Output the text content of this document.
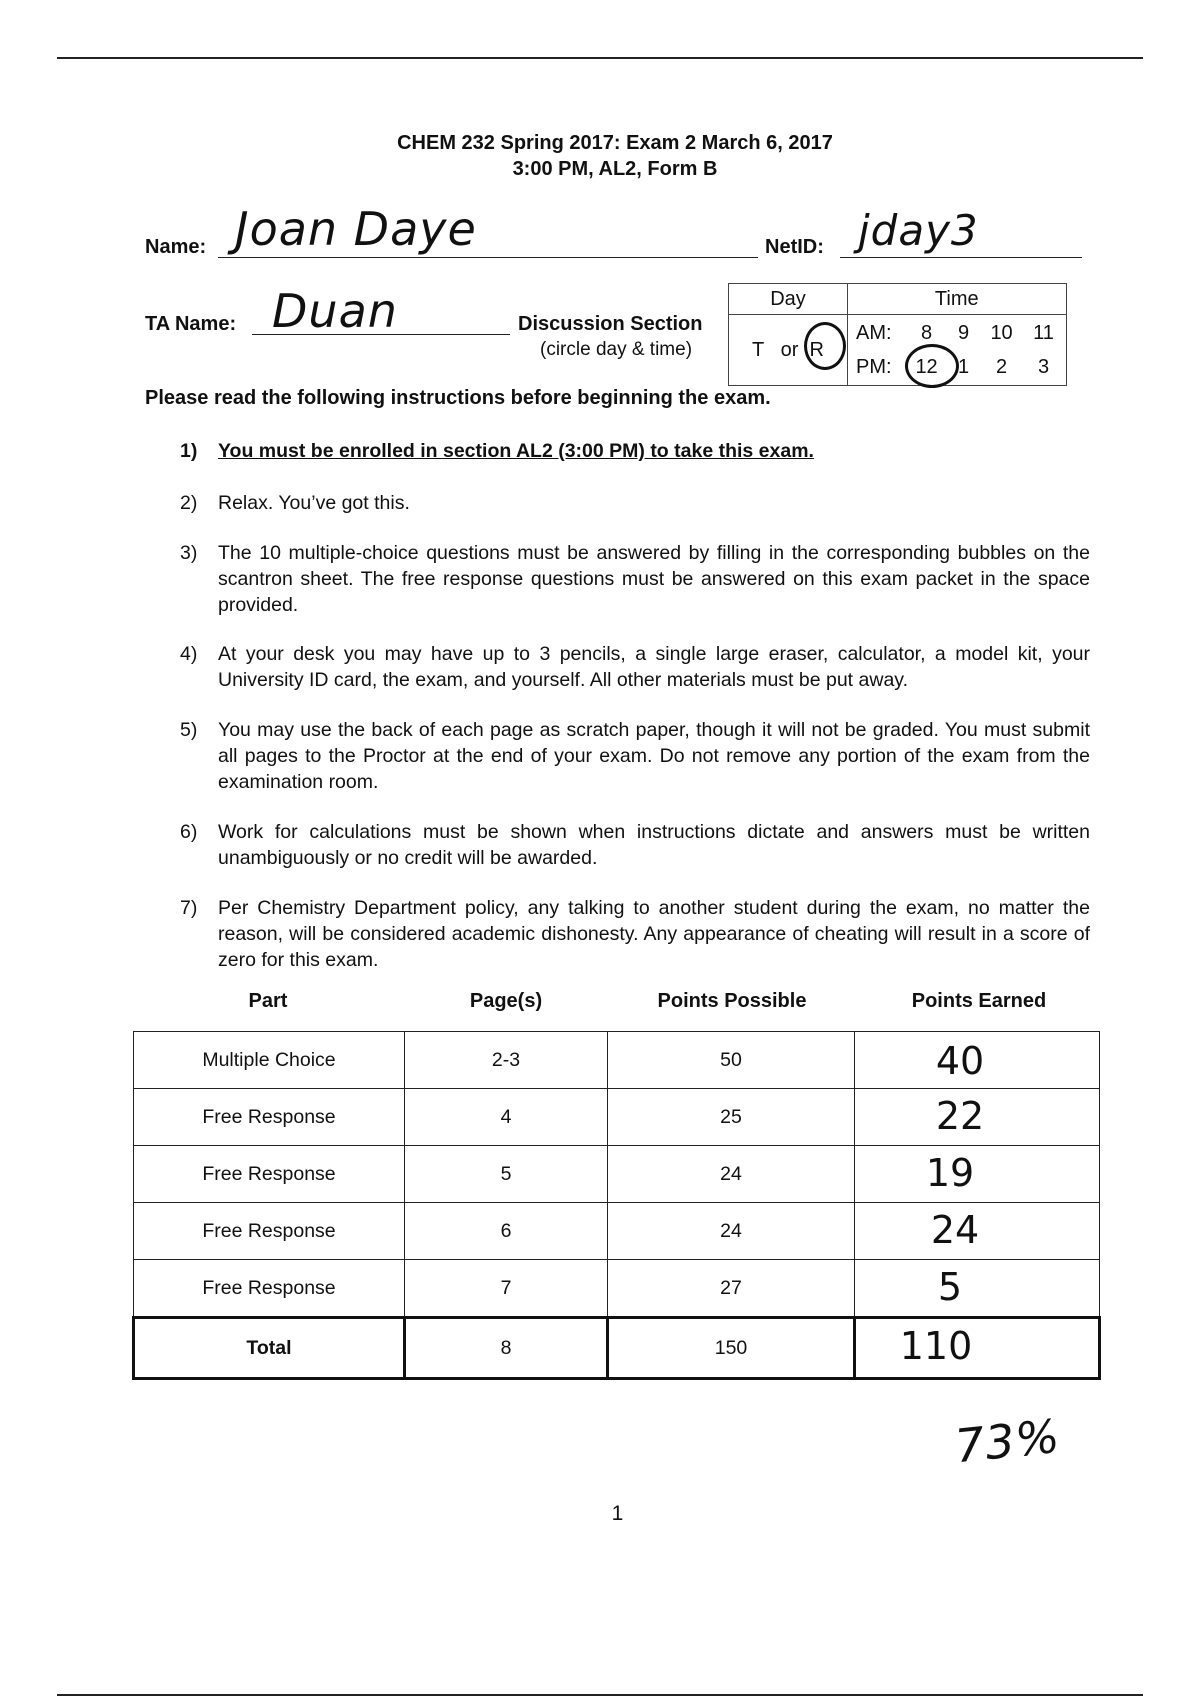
CHEM 232 Spring 2017: Exam 2 March 6, 2017
3:00 PM, AL2, Form B
Name: Joan Daye	NetID: jday3
TA Name: Duan	Discussion Section
(circle day & time)
Day	Time
T or R	AM: 8 9 10 11
PM: 12 1 2 3
Please read the following instructions before beginning the exam.
1) You must be enrolled in section AL2 (3:00 PM) to take this exam.
2) Relax. You’ve got this.
3) The 10 multiple-choice questions must be answered by filling in the corresponding bubbles on the scantron sheet. The free response questions must be answered on this exam packet in the space provided.
4) At your desk you may have up to 3 pencils, a single large eraser, calculator, a model kit, your University ID card, the exam, and yourself. All other materials must be put away.
5) You may use the back of each page as scratch paper, though it will not be graded. You must submit all pages to the Proctor at the end of your exam. Do not remove any portion of the exam from the examination room.
6) Work for calculations must be shown when instructions dictate and answers must be written unambiguously or no credit will be awarded.
7) Per Chemistry Department policy, any talking to another student during the exam, no matter the reason, will be considered academic dishonesty. Any appearance of cheating will result in a score of zero for this exam.
Part	Page(s)	Points Possible	Points Earned
Multiple Choice	2-3	50	40

Free Response	4	25	22

Free Response	5	24	19

Free Response	6	24	24

Free Response	7	27	5

Total	8	150	110
73%
1
